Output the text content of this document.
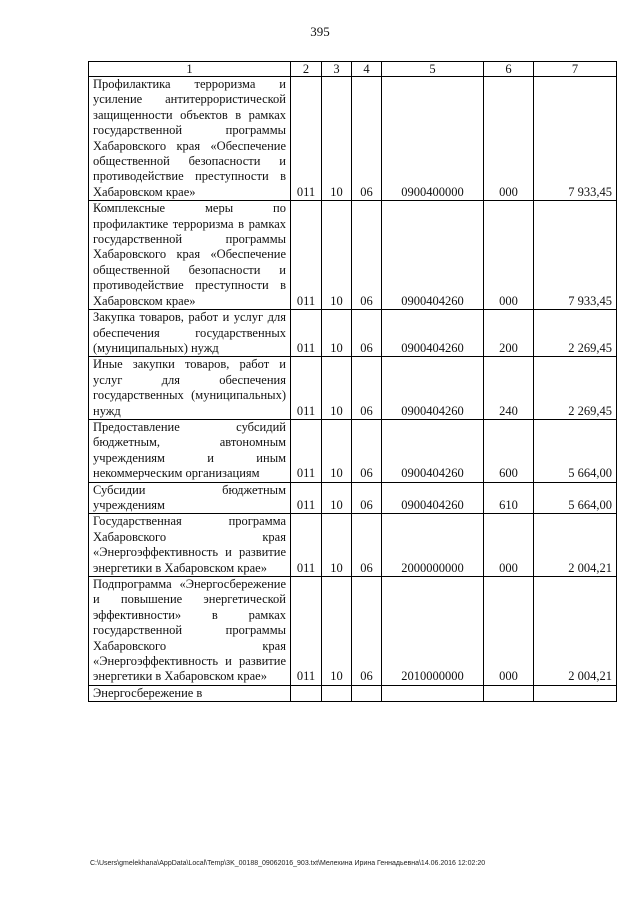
395
1	2	3	4	5	6	7
Профилактика терроризма и усиление антитеррористической защищенности объектов в рамках государственной программы Хабаровского края «Обеспечение общественной безопасности и противодействие преступности в Хабаровском крае»	011	10	06	0900400000	000	7 933,45
Комплексные меры по профилактике терроризма в рамках государственной программы Хабаровского края «Обеспечение общественной безопасности и противодействие преступности в Хабаровском крае»	011	10	06	0900404260	000	7 933,45
Закупка товаров, работ и услуг для обеспечения государственных (муниципальных) нужд	011	10	06	0900404260	200	2 269,45
Иные закупки товаров, работ и услуг для обеспечения государственных (муниципальных) нужд	011	10	06	0900404260	240	2 269,45
Предоставление субсидий бюджетным, автономным учреждениям и иным некоммерческим организациям	011	10	06	0900404260	600	5 664,00
Субсидии бюджетным учреждениям	011	10	06	0900404260	610	5 664,00
Государственная программа Хабаровского края «Энергоэффективность и развитие энергетики в Хабаровском крае»	011	10	06	2000000000	000	2 004,21
Подпрограмма «Энергосбережение и повышение энергетической эффективности» в рамках государственной программы Хабаровского края «Энергоэффективность и развитие энергетики в Хабаровском крае»	011	10	06	2010000000	000	2 004,21
Энергосбережение в						
C:\Users\gmelekhana\AppData\Local\Temp\3K_00188_09062016_903.txt\Мелехина Ирина Геннадьевна\14.06.2016 12:02:20
